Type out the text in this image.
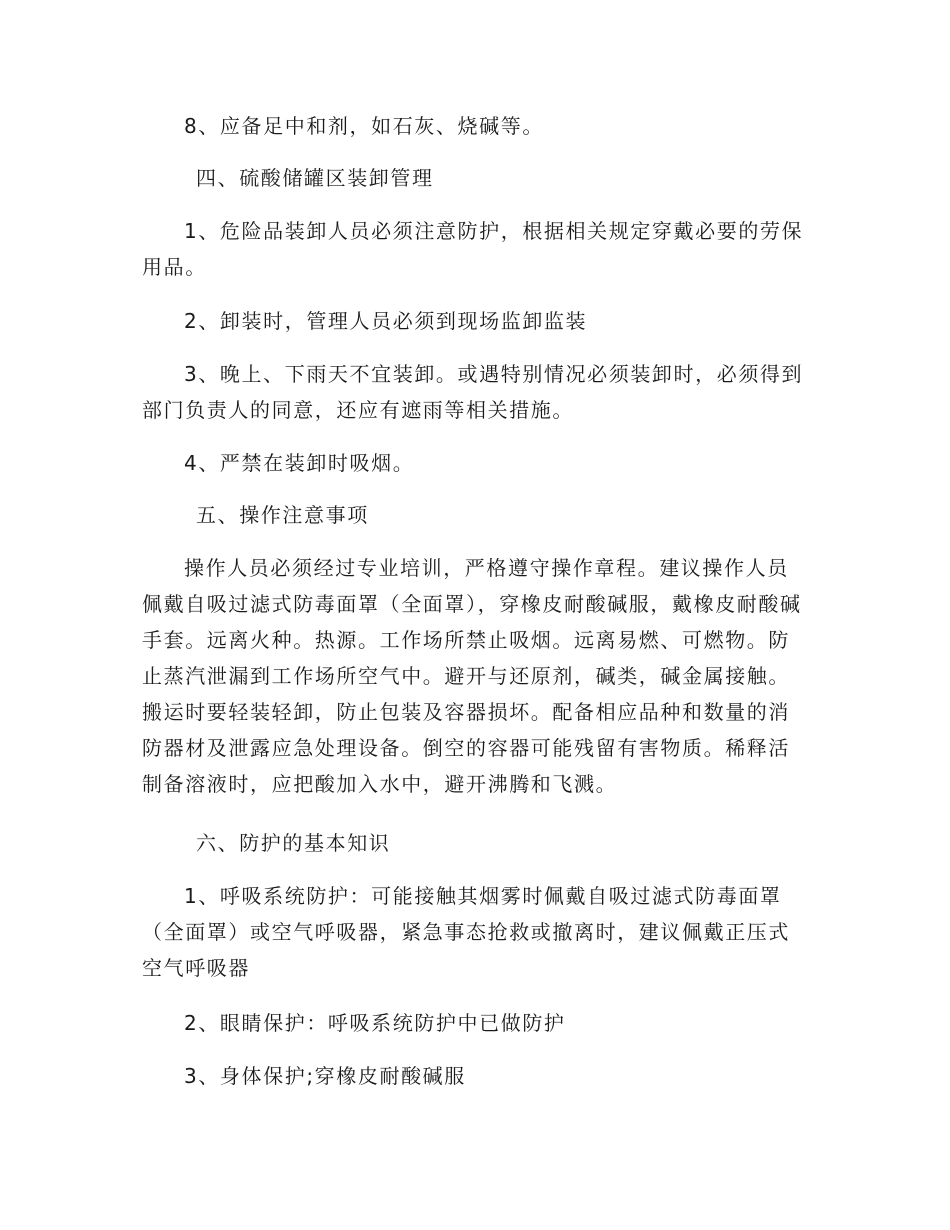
8、应备足中和剂，如石灰、烧碱等。

四、硫酸储罐区装卸管理

1、危险品装卸人员必须注意防护，根据相关规定穿戴必要的劳保用品。

2、卸装时，管理人员必须到现场监卸监装

3、晚上、下雨天不宜装卸。或遇特别情况必须装卸时，必须得到部门负责人的同意，还应有遮雨等相关措施。

4、严禁在装卸时吸烟。

五、操作注意事项

操作人员必须经过专业培训，严格遵守操作章程。建议操作人员佩戴自吸过滤式防毒面罩（全面罩），穿橡皮耐酸碱服，戴橡皮耐酸碱手套。远离火种。热源。工作场所禁止吸烟。远离易燃、可燃物。防止蒸汽泄漏到工作场所空气中。避开与还原剂，碱类，碱金属接触。搬运时要轻装轻卸，防止包装及容器损坏。配备相应品种和数量的消防器材及泄露应急处理设备。倒空的容器可能残留有害物质。稀释活制备溶液时，应把酸加入水中，避开沸腾和飞溅。

六、防护的基本知识

1、呼吸系统防护：可能接触其烟雾时佩戴自吸过滤式防毒面罩（全面罩）或空气呼吸器，紧急事态抢救或撤离时，建议佩戴正压式空气呼吸器

2、眼睛保护：呼吸系统防护中已做防护

3、身体保护;穿橡皮耐酸碱服
